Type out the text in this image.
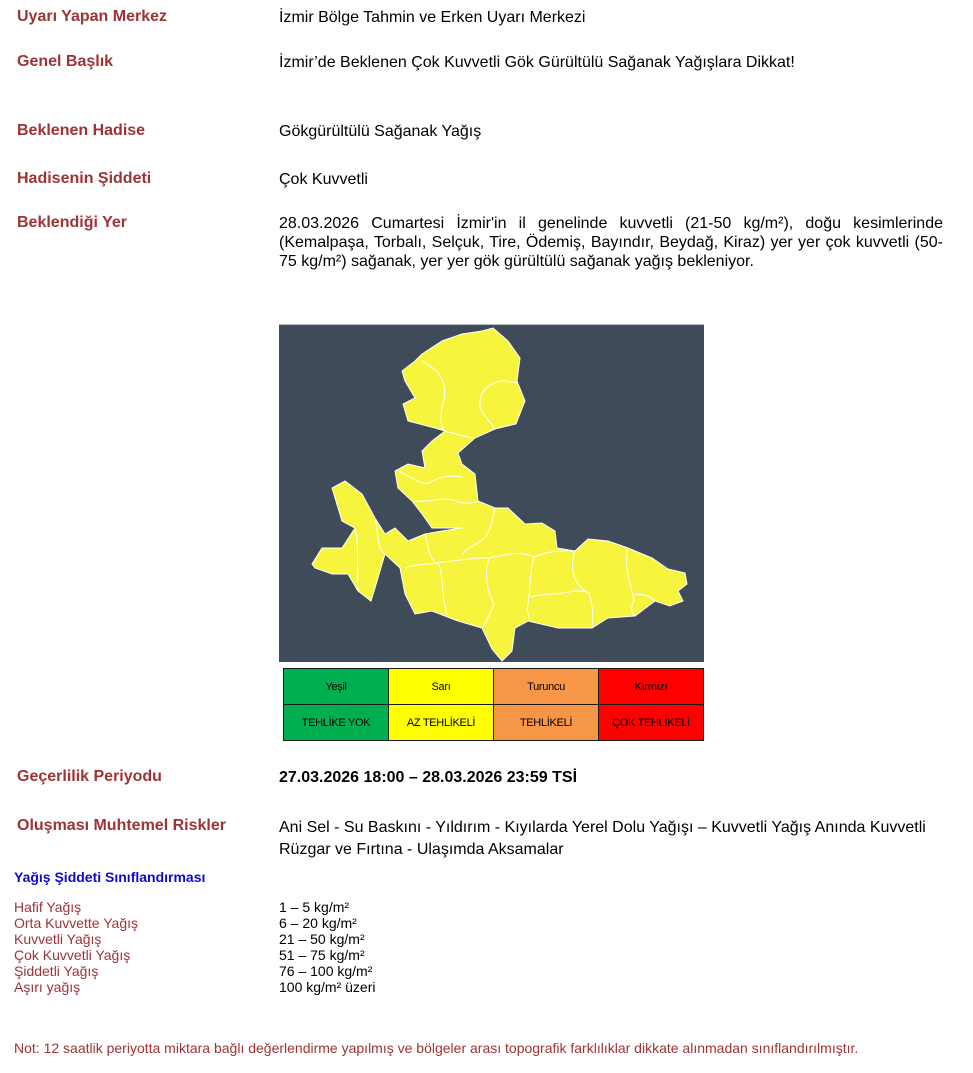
Uyarı Yapan Merkez	İzmir Bölge Tahmin ve Erken Uyarı Merkezi
Genel Başlık	İzmir’de Beklenen Çok Kuvvetli Gök Gürültülü Sağanak Yağışlara Dikkat!
Beklenen Hadise	Gökgürültülü Sağanak Yağış
Hadisenin Şiddeti	Çok Kuvvetli
Beklendiği Yer	28.03.2026 Cumartesi İzmir'in il genelinde kuvvetli (21-50 kg/m²), doğu kesimlerinde (Kemalpaşa, Torbalı, Selçuk, Tire, Ödemiş, Bayındır, Beydağ, Kiraz) yer yer çok kuvvetli (50-75 kg/m²) sağanak, yer yer gök gürültülü sağanak yağış bekleniyor.
Yeşil	Sarı	Turuncu	Kırmızı
TEHLİKE YOK	AZ TEHLİKELİ	TEHLİKELİ	ÇOK TEHLİKELİ
Geçerlilik Periyodu	27.03.2026 18:00 – 28.03.2026 23:59 TSİ
Oluşması Muhtemel Riskler	Ani Sel - Su Baskını - Yıldırım - Kıyılarda Yerel Dolu Yağışı – Kuvvetli Yağış Anında Kuvvetli Rüzgar ve Fırtına - Ulaşımda Aksamalar
Yağış Şiddeti Sınıflandırması
Hafif Yağış	1 – 5 kg/m²
Orta Kuvvette Yağış	6 – 20 kg/m²
Kuvvetli Yağış	21 – 50 kg/m²
Çok Kuvvetli Yağış	51 – 75 kg/m²
Şiddetli Yağış	76 – 100 kg/m²
Aşırı yağış	100 kg/m² üzeri
Not: 12 saatlik periyotta miktara bağlı değerlendirme yapılmış ve bölgeler arası topografik farklılıklar dikkate alınmadan sınıflandırılmıştır.
